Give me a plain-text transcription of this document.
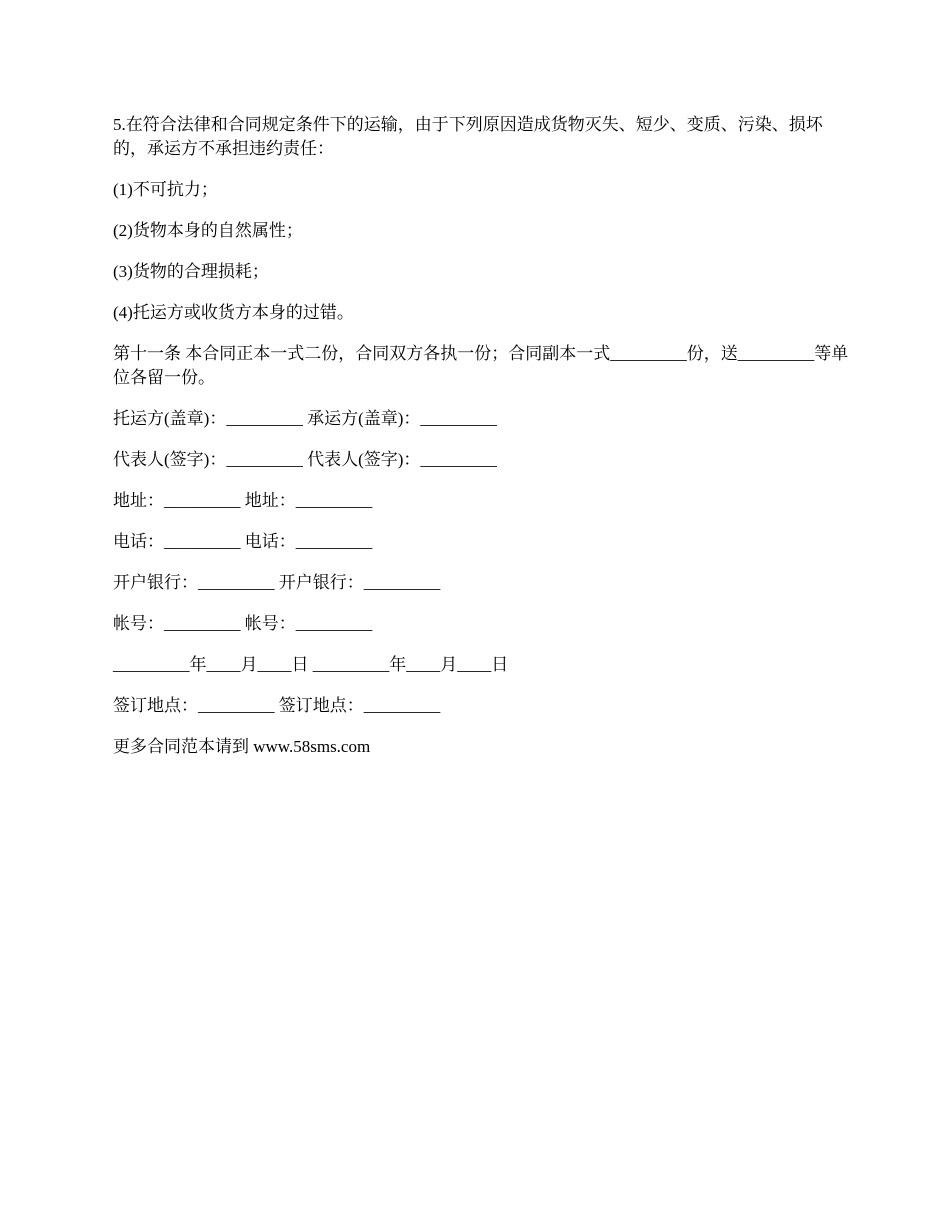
5.在符合法律和合同规定条件下的运输，由于下列原因造成货物灭失、短少、变质、污染、损坏的，承运方不承担违约责任：

(1)不可抗力；

(2)货物本身的自然属性；

(3)货物的合理损耗；

(4)托运方或收货方本身的过错。

第十一条 本合同正本一式二份，合同双方各执一份；合同副本一式_________份，送_________等单位各留一份。

托运方(盖章)：_________ 承运方(盖章)：_________

代表人(签字)：_________ 代表人(签字)：_________

地址：_________ 地址：_________

电话：_________ 电话：_________

开户银行：_________ 开户银行：_________

帐号：_________ 帐号：_________

_________年____月____日 _________年____月____日

签订地点：_________ 签订地点：_________

更多合同范本请到 www.58sms.com
